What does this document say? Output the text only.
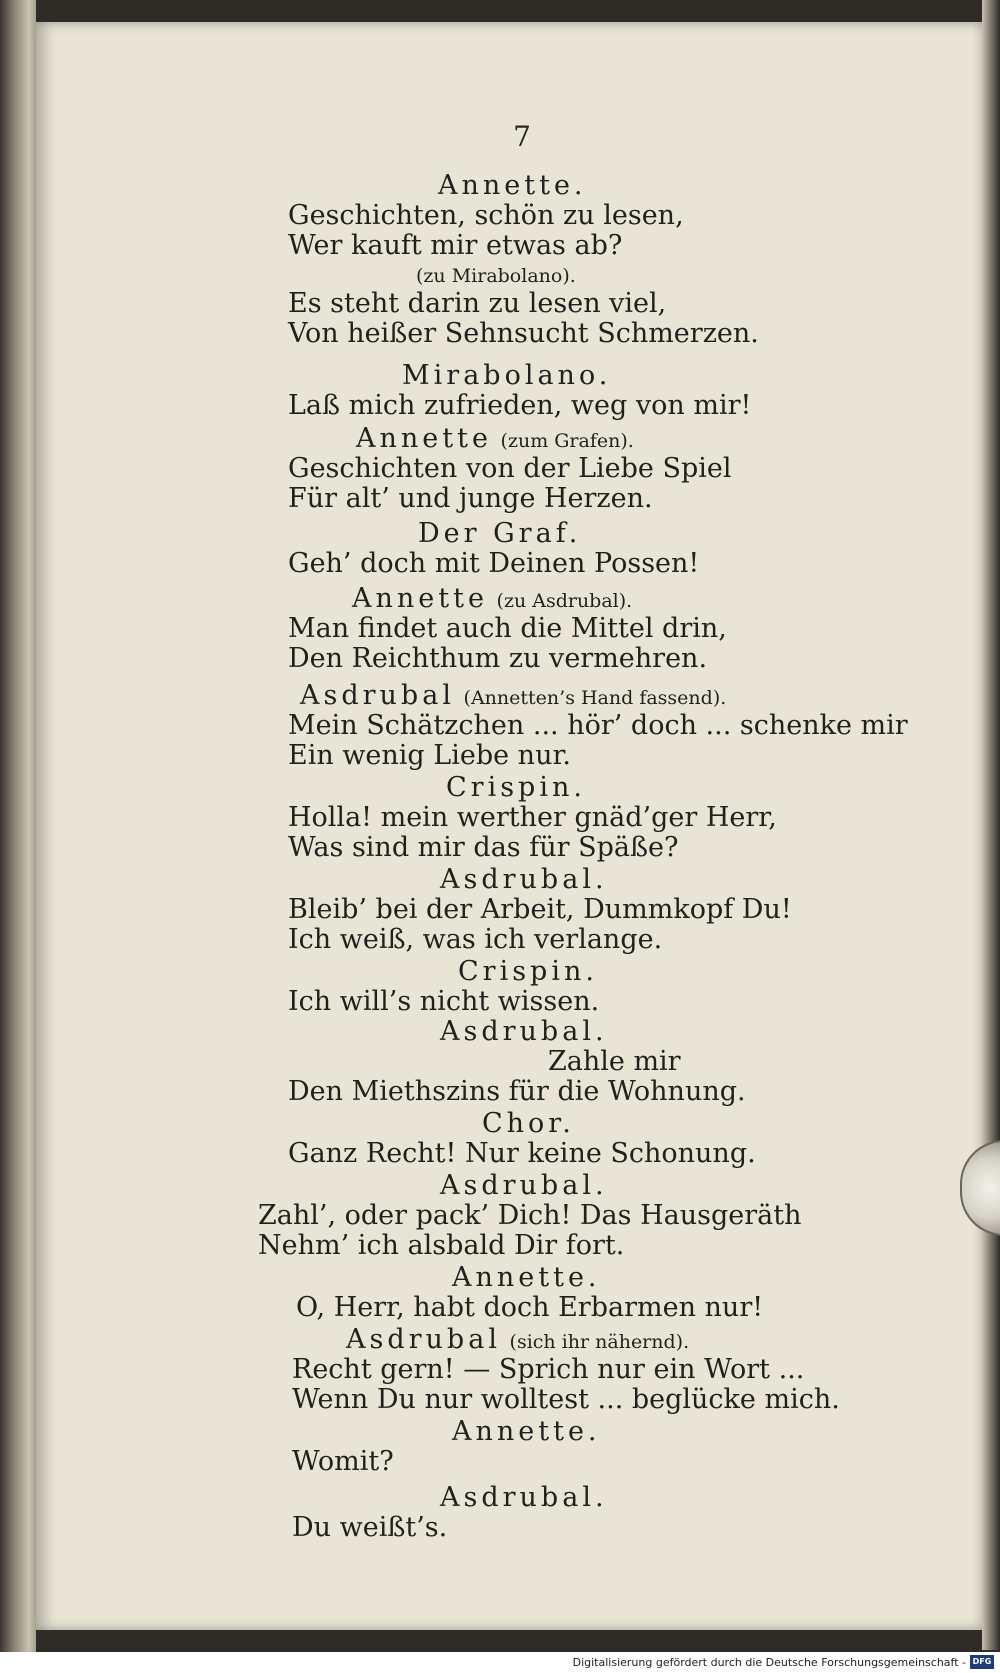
7
Annette.
Geschichten, schön zu lesen,
Wer kauft mir etwas ab?
(zu Mirabolano).
Es steht darin zu lesen viel,
Von heißer Sehnsucht Schmerzen.
Mirabolano.
Laß mich zufrieden, weg von mir!
Annette (zum Grafen).
Geschichten von der Liebe Spiel
Für alt’ und junge Herzen.
Der Graf.
Geh’ doch mit Deinen Possen!
Annette (zu Asdrubal).
Man findet auch die Mittel drin,
Den Reichthum zu vermehren.
Asdrubal (Annetten’s Hand fassend).
Mein Schätzchen ... hör’ doch ... schenke mir
Ein wenig Liebe nur.
Crispin.
Holla! mein werther gnäd’ger Herr,
Was sind mir das für Späße?
Asdrubal.
Bleib’ bei der Arbeit, Dummkopf Du!
Ich weiß, was ich verlange.
Crispin.
Ich will’s nicht wissen.
Asdrubal.
Zahle mir
Den Miethszins für die Wohnung.
Chor.
Ganz Recht! Nur keine Schonung.
Asdrubal.
Zahl’, oder pack’ Dich! Das Hausgeräth
Nehm’ ich alsbald Dir fort.
Annette.
O, Herr, habt doch Erbarmen nur!
Asdrubal (sich ihr nähernd).
Recht gern! — Sprich nur ein Wort ...
Wenn Du nur wolltest ... beglücke mich.
Annette.
Womit?
Asdrubal.
Du weißt’s.
Digitalisierung gefördert durch die Deutsche Forschungsgemeinschaft - DFG
